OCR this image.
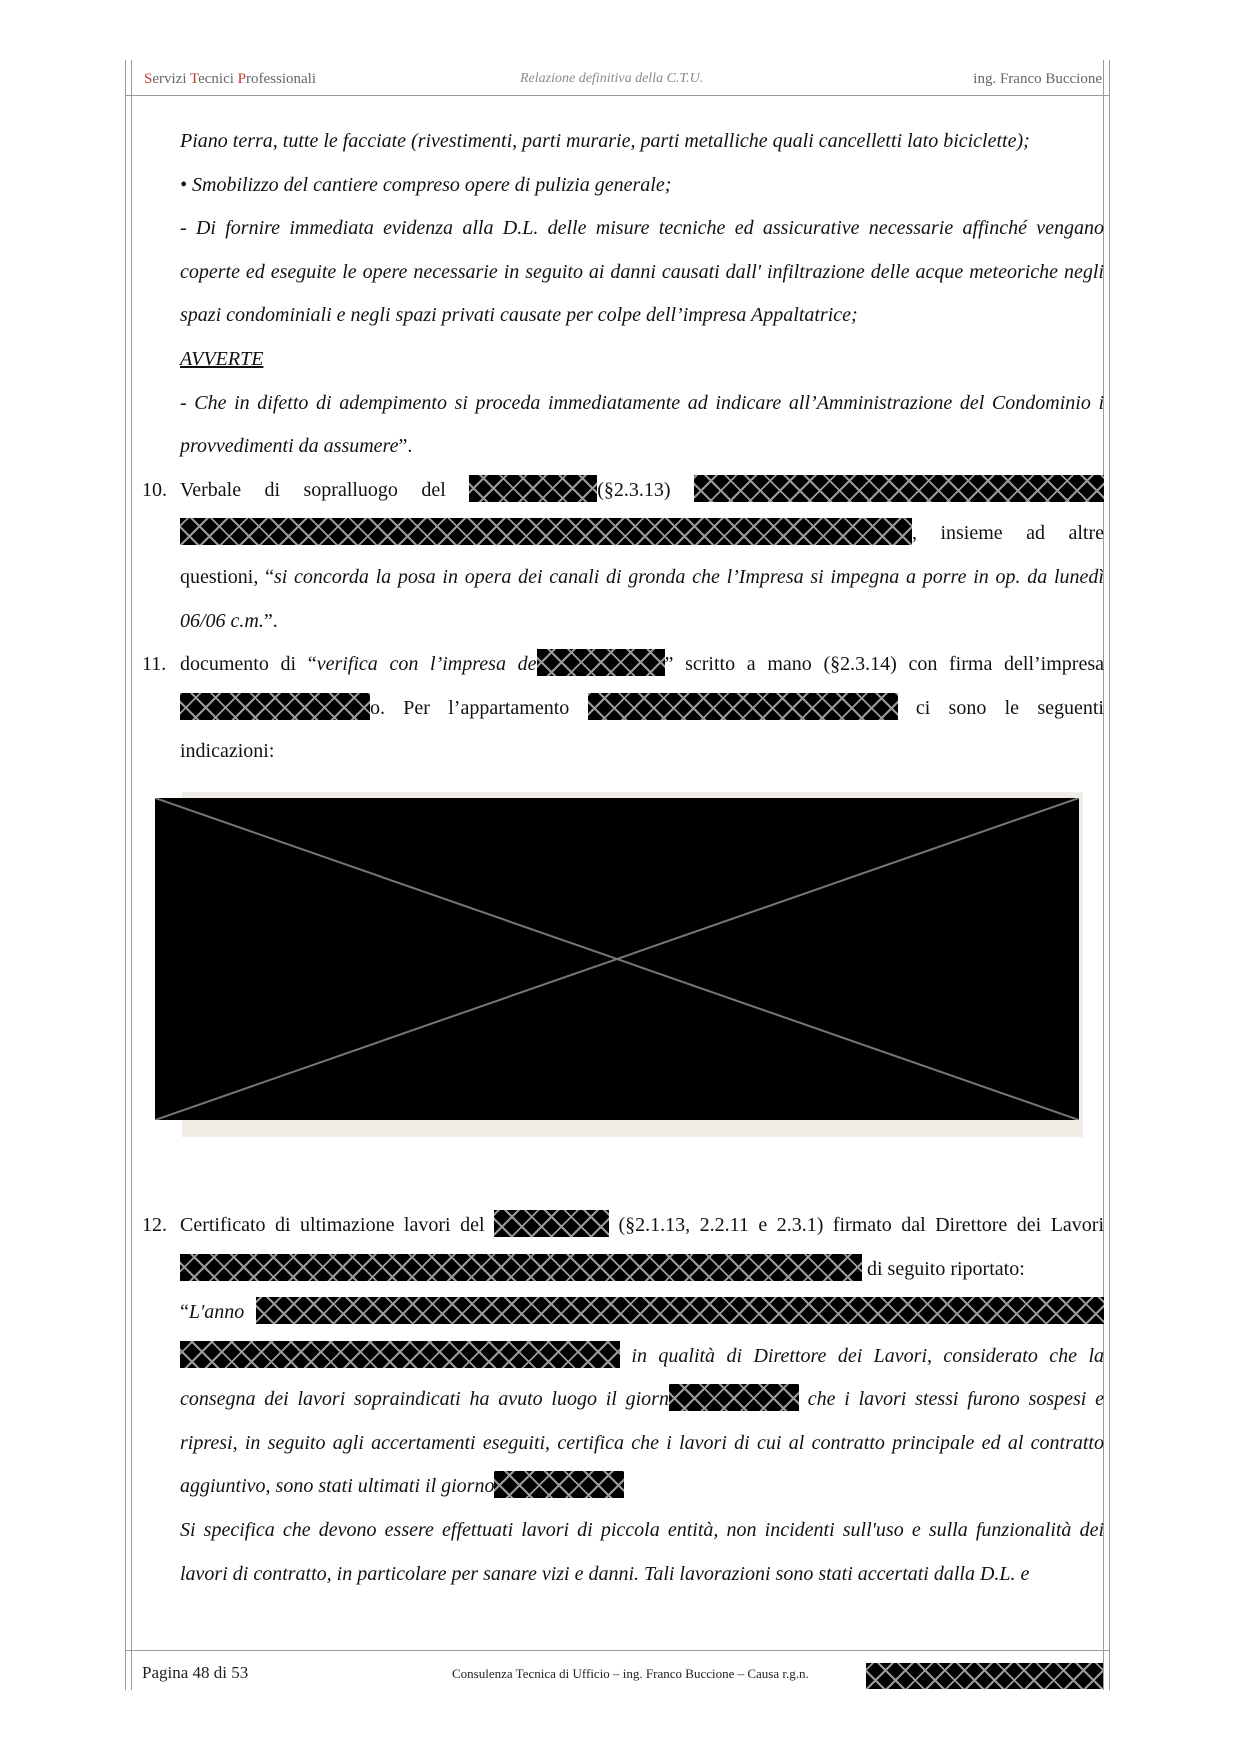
Servizi Tecnici Professionali	Relazione definitiva della C.T.U.	ing. Franco Buccione

Piano terra, tutte le facciate (rivestimenti, parti murarie, parti metalliche quali cancelletti lato biciclette);

• Smobilizzo del cantiere compreso opere di pulizia generale;

- Di fornire immediata evidenza alla D.L. delle misure tecniche ed assicurative necessarie affinché vengano coperte ed eseguite le opere necessarie in seguito ai danni causati dall' infiltrazione delle acque meteoriche negli spazi condominiali e negli spazi privati causate per colpe dell’impresa Appaltatrice;

AVVERTE

- Che in difetto di adempimento si proceda immediatamente ad indicare all’Amministrazione del Condominio i provvedimenti da assumere”.

10. Verbale di sopralluogo del	(§2.3.13)  , insieme ad altre questioni, “si concorda la posa in opera dei canali di gronda che l’Impresa si impegna a porre in op. da lunedì 06/06 c.m.”.

11. documento di “verifica con l’impresa de	” scritto a mano (§2.3.14) con firma dell’impresao. Per l’appartamento	ci sono le seguenti indicazioni:

12. Certificato di ultimazione lavori del	(§2.1.13, 2.2.11 e 2.3.1) firmato dal Direttore dei Lavori di seguito riportato:

“L'anno   in qualità di Direttore dei Lavori, considerato che la consegna dei lavori sopraindicati ha avuto luogo il giorn	che i lavori stessi furono sospesi e ripresi, in seguito agli accertamenti eseguiti, certifica che i lavori di cui al contratto principale ed al contratto aggiuntivo, sono stati ultimati il giorno

Si specifica che devono essere effettuati lavori di piccola entità, non incidenti sull'uso e sulla funzionalità dei lavori di contratto, in particolare per sanare vizi e danni. Tali lavorazioni sono stati accertati dalla D.L. e

Pagina 48 di 53	Consulenza Tecnica di Ufficio – ing. Franco Buccione – Causa r.g.n.
